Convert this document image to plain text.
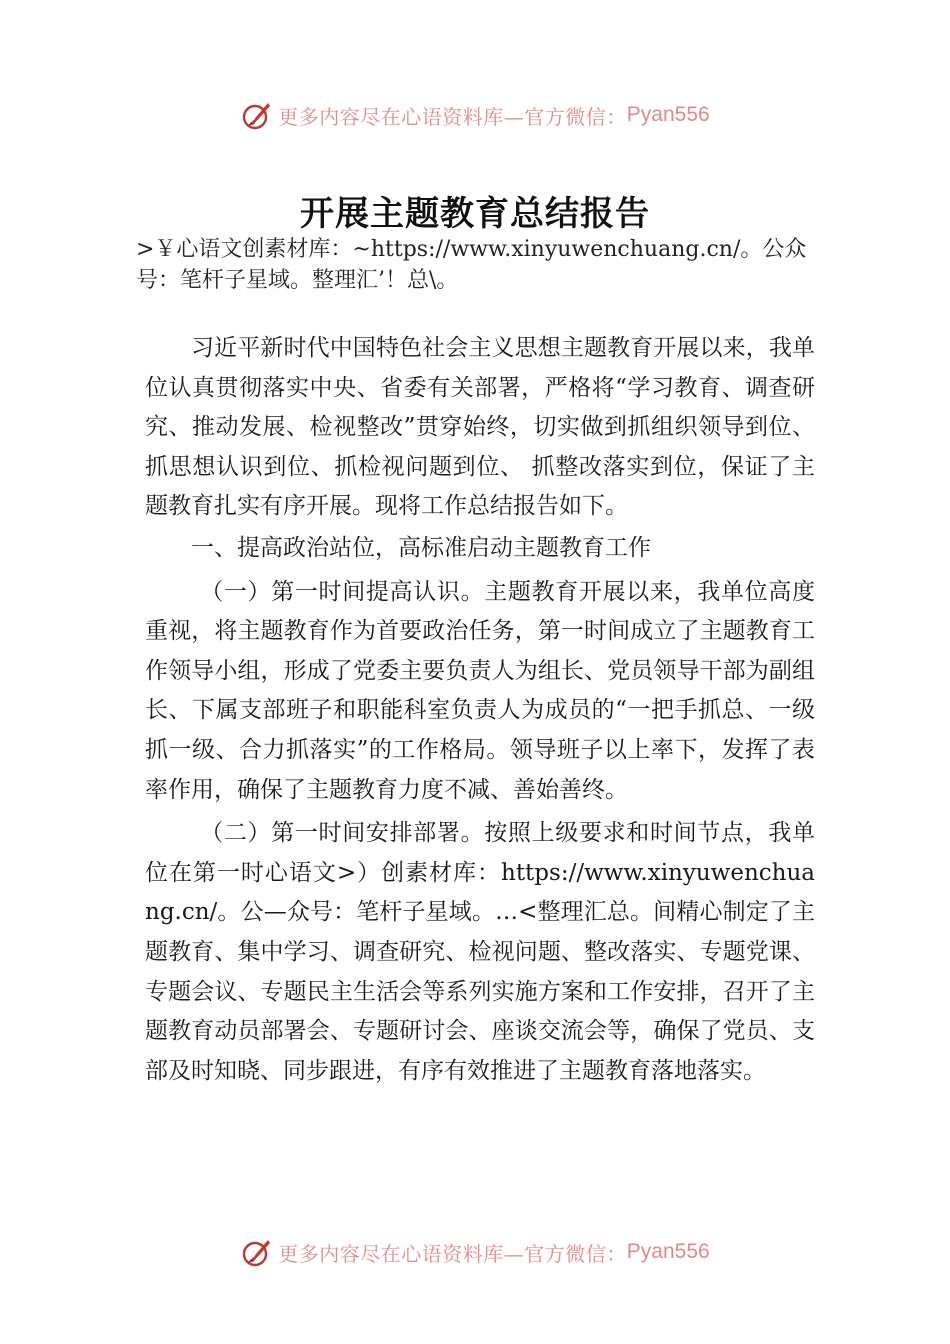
更多内容尽在心语资料库—官方微信： Pyan556
开展主题教育总结报告
>￥心语文创素材库：~https://www.xinyuwenchuang.cn/。公众号：笔杆子星域。整理汇’！总\。

习近平新时代中国特色社会主义思想主题教育开展以来，我单位认真贯彻落实中央、省委有关部署，严格将“学习教育、调查研究、推动发展、检视整改”贯穿始终，切实做到抓组织领导到位、抓思想认识到位、抓检视问题到位、 抓整改落实到位，保证了主题教育扎实有序开展。现将工作总结报告如下。

一、提高政治站位，高标准启动主题教育工作

（一）第一时间提高认识。主题教育开展以来，我单位高度重视，将主题教育作为首要政治任务，第一时间成立了主题教育工作领导小组，形成了党委主要负责人为组长、党员领导干部为副组长、下属支部班子和职能科室负责人为成员的“一把手抓总、一级抓一级、合力抓落实”的工作格局。领导班子以上率下，发挥了表率作用，确保了主题教育力度不减、善始善终。

（二）第一时间安排部署。按照上级要求和时间节点，我单位在第一时心语文>）创素材库：https://www.xinyuwenchuang.cn/。公—众号：笔杆子星域。…<整理汇总。间精心制定了主题教育、集中学习、调查研究、检视问题、整改落实、专题党课、专题会议、专题民主生活会等系列实施方案和工作安排，召开了主题教育动员部署会、专题研讨会、座谈交流会等，确保了党员、支部及时知晓、同步跟进，有序有效推进了主题教育落地落实。

更多内容尽在心语资料库—官方微信： Pyan556
